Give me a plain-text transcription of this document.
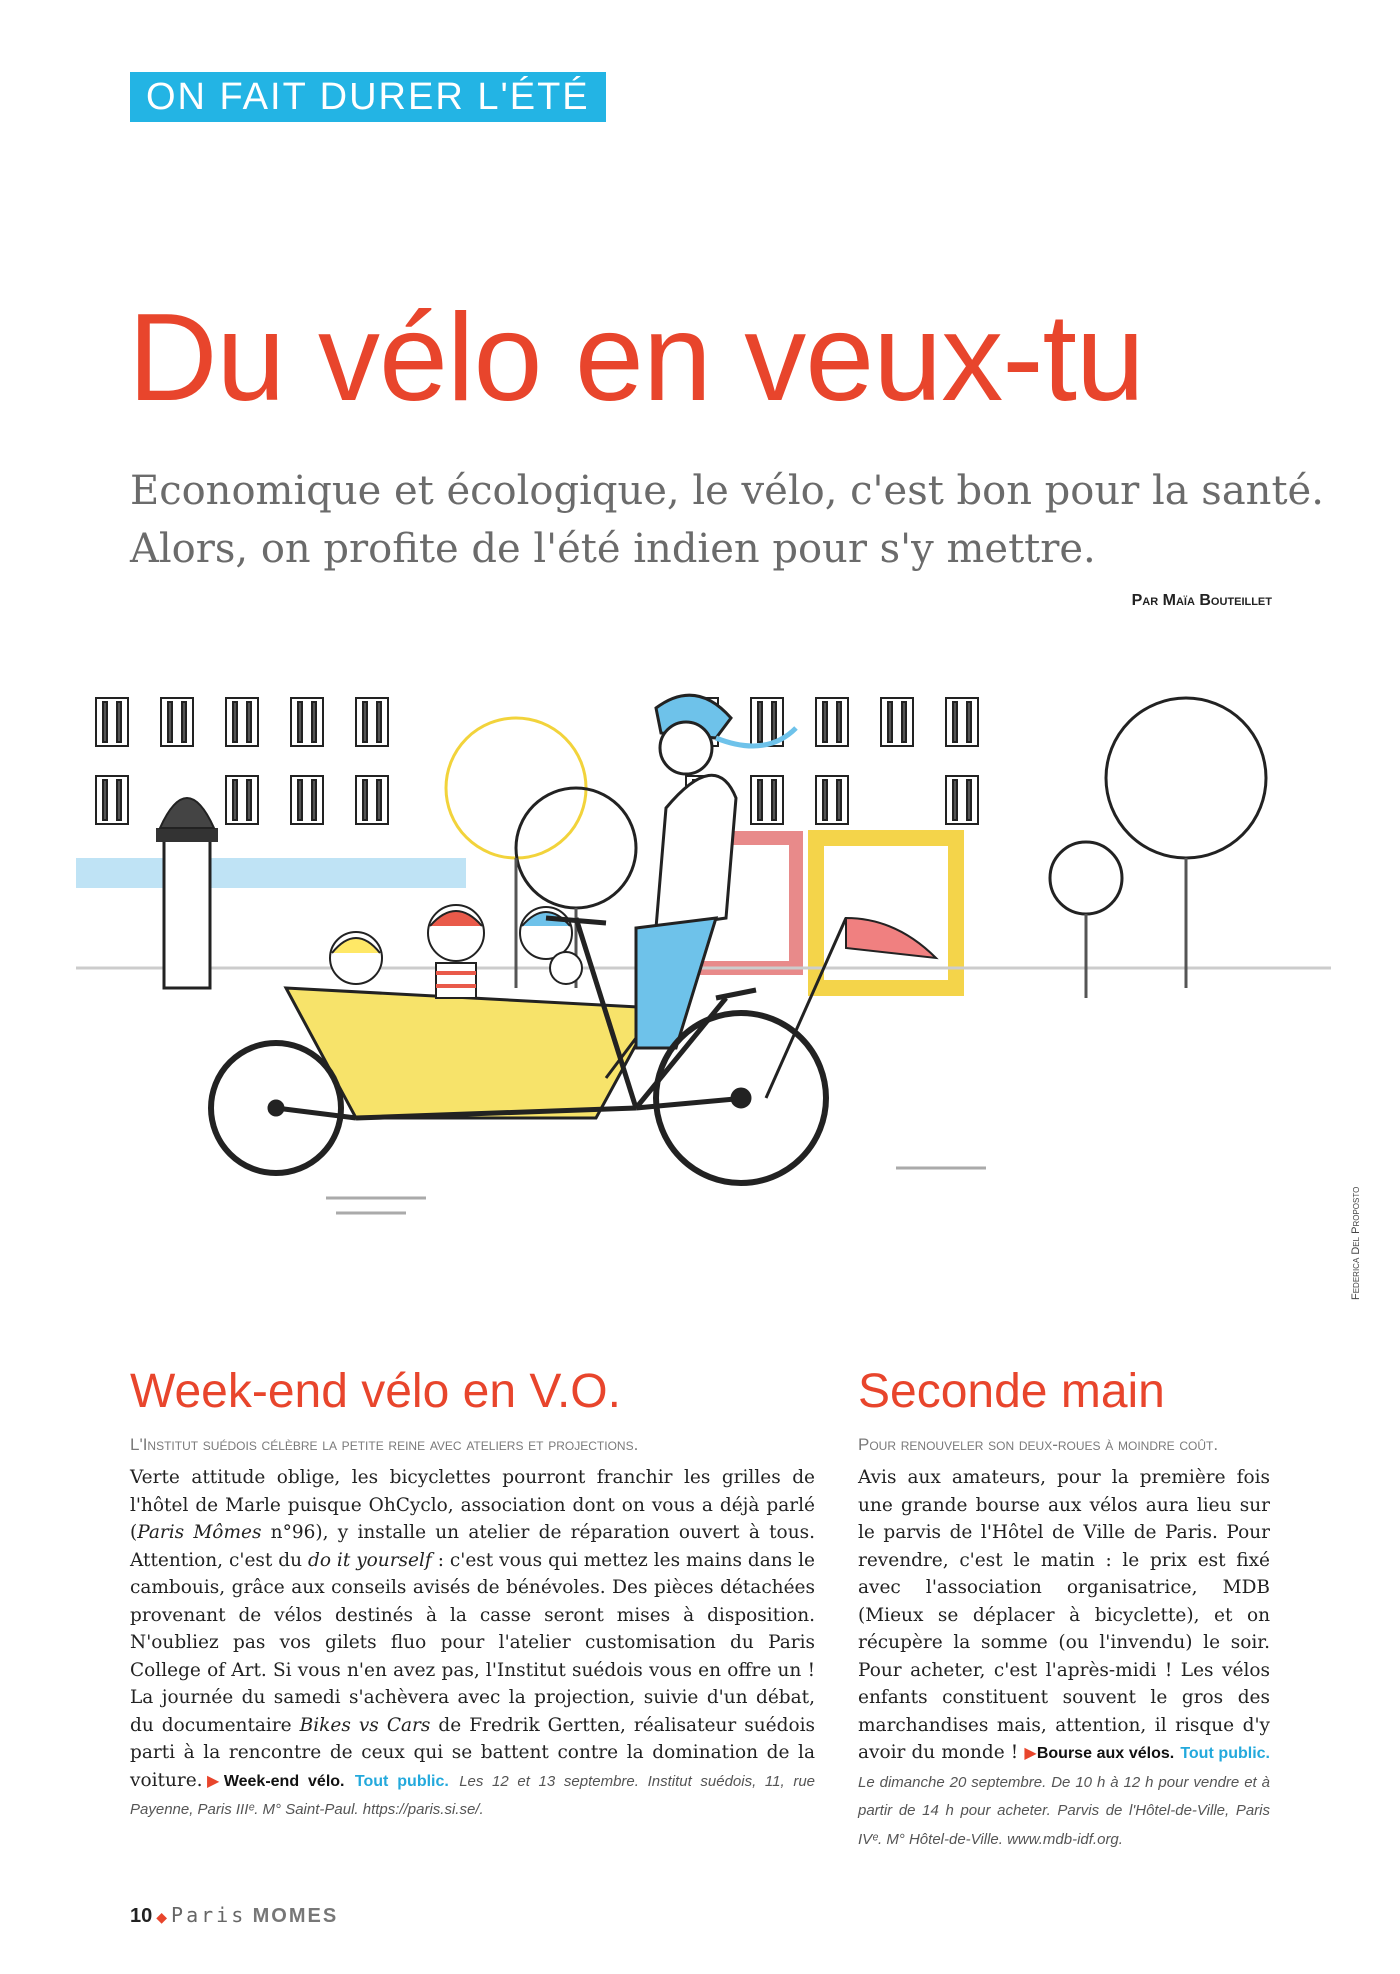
ON FAIT DURER L'ÉTÉ
Du vélo en veux-tu

Economique et écologique, le vélo, c'est bon pour la santé. Alors, on profite de l'été indien pour s'y mettre.

Par Maïa Bouteillet

Federica Del Proposto
Week-end vélo en V.O.

L'Institut suédois célèbre la petite reine avec ateliers et projections.

Verte attitude oblige, les bicyclettes pourront franchir les grilles de l'hôtel de Marle puisque OhCyclo, association dont on vous a déjà parlé (Paris Mômes n°96), y installe un atelier de réparation ouvert à tous. Attention, c'est du do it yourself : c'est vous qui mettez les mains dans le cambouis, grâce aux conseils avisés de bénévoles. Des pièces détachées provenant de vélos destinés à la casse seront mises à disposition. N'oubliez pas vos gilets fluo pour l'atelier customisation du Paris College of Art. Si vous n'en avez pas, l'Institut suédois vous en offre un ! La journée du samedi s'achèvera avec la projection, suivie d'un débat, du documentaire Bikes vs Cars de Fredrik Gertten, réalisateur suédois parti à la rencontre de ceux qui se battent contre la domination de la voiture.▶Week-end vélo. Tout public. Les 12 et 13 septembre. Institut suédois, 11, rue Payenne, Paris IIIᵉ. M° Saint-Paul. https://paris.si.se/.

Seconde main

Pour renouveler son deux-roues à moindre coût.

Avis aux amateurs, pour la première fois une grande bourse aux vélos aura lieu sur le parvis de l'Hôtel de Ville de Paris. Pour revendre, c'est le matin : le prix est fixé avec l'association organisatrice, MDB (Mieux se déplacer à bicyclette), et on récupère la somme (ou l'invendu) le soir. Pour acheter, c'est l'après-midi ! Les vélos enfants constituent souvent le gros des marchandises mais, attention, il risque d'y avoir du monde ! ▶Bourse aux vélos. Tout public. Le dimanche 20 septembre. De 10 h à 12 h pour vendre et à partir de 14 h pour acheter. Parvis de l'Hôtel-de-Ville, Paris IVᵉ. M° Hôtel-de-Ville. www.mdb-idf.org.

10 ◆ Paris MOMES
